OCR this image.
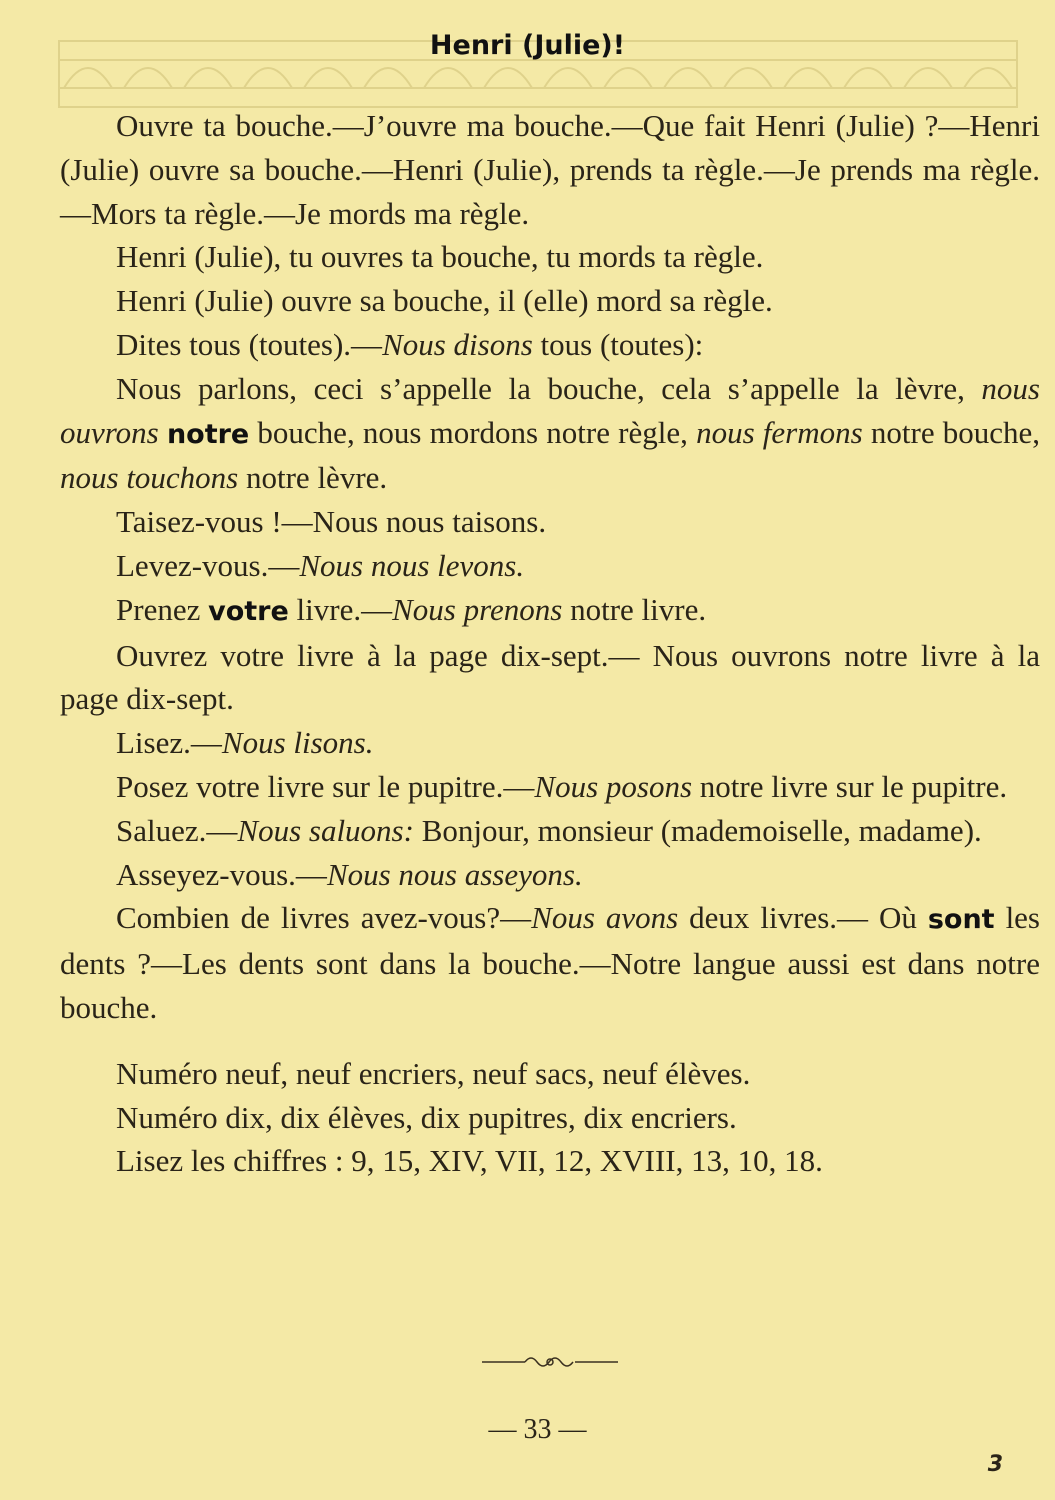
Henri (Julie)!

Ouvre ta bouche.—J’ouvre ma bouche.—Que fait Henri (Julie) ?—Henri (Julie) ouvre sa bouche.—Henri (Julie), prends ta règle.—Je prends ma règle.—Mors ta règle.—Je mords ma règle.

Henri (Julie), tu ouvres ta bouche, tu mords ta règle.

Henri (Julie) ouvre sa bouche, il (elle) mord sa règle.

Dites tous (toutes).—Nous disons tous (toutes):

Nous parlons, ceci s’appelle la bouche, cela s’appelle la lèvre, nous ouvrons notre bouche, nous mordons notre règle, nous fermons notre bouche, nous touchons notre lèvre.

Taisez-vous !—Nous nous taisons.

Levez-vous.—Nous nous levons.

Prenez votre livre.—Nous prenons notre livre.

Ouvrez votre livre à la page dix-sept.— Nous ouvrons notre livre à la page dix-sept.

Lisez.—Nous lisons.

Posez votre livre sur le pupitre.—Nous posons notre livre sur le pupitre.

Saluez.—Nous saluons: Bonjour, monsieur (mademoiselle, madame).

Asseyez-vous.—Nous nous asseyons.

Combien de livres avez-vous?—Nous avons deux livres.— Où sont les dents ?—Les dents sont dans la bouche.—Notre langue aussi est dans notre bouche.

Numéro neuf, neuf encriers, neuf sacs, neuf élèves.

Numéro dix, dix élèves, dix pupitres, dix encriers.

Lisez les chiffres : 9, 15, XIV, VII, 12, XVIII, 13, 10, 18.

— 33 —
3
